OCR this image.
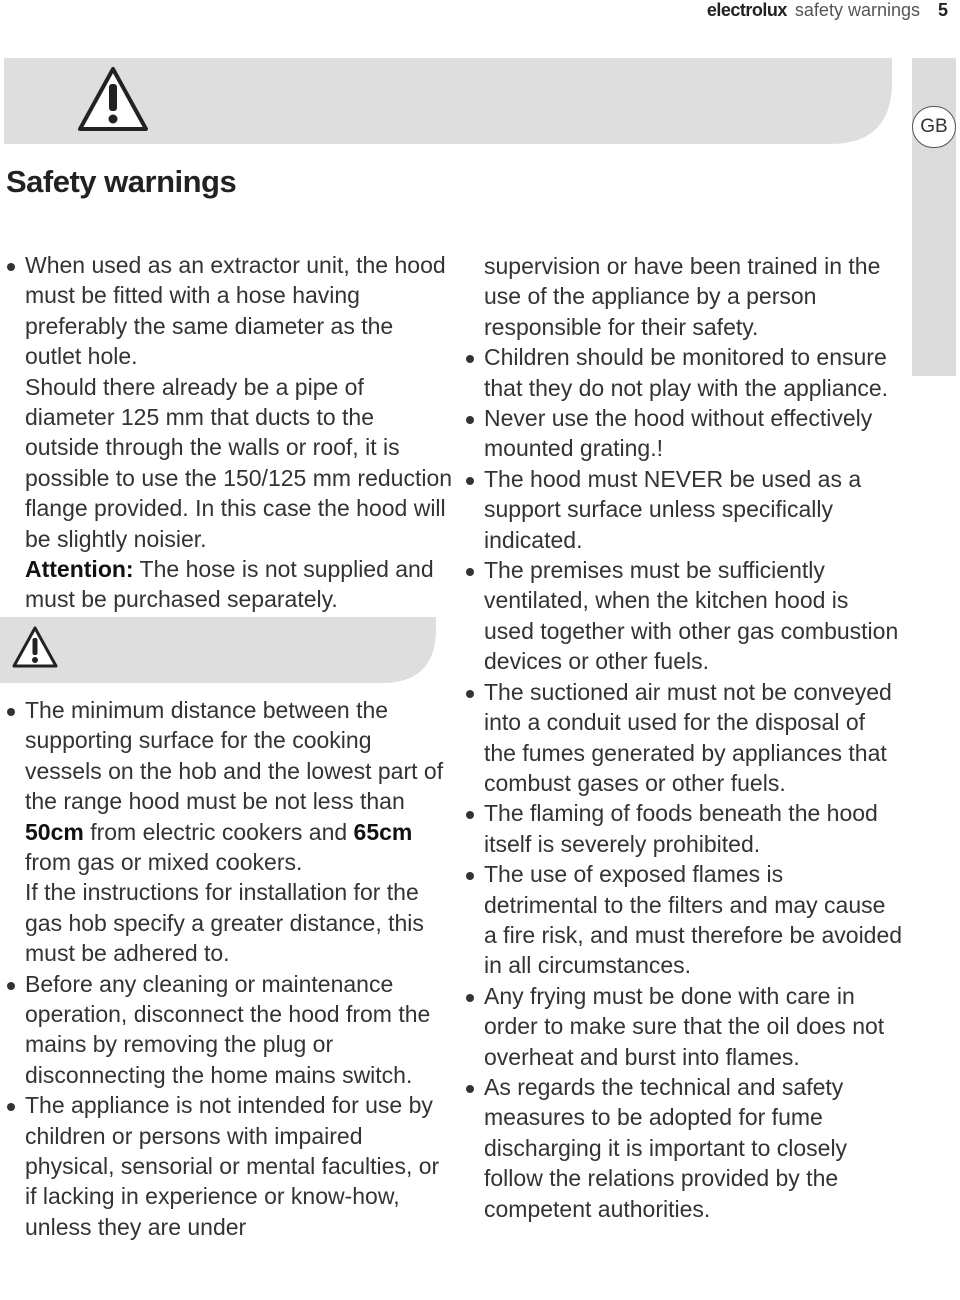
electrolux safety warnings 5
GB
Safety warnings
When used as an extractor unit, the hood must be fitted with a hose having preferably the same diameter as the outlet hole.
Should there already be a pipe of diameter 125 mm that ducts to the outside through the walls or roof, it is possible to use the 150/125 mm reduction flange provided. In this case the hood will be slightly noisier.
Attention: The hose is not supplied and must be purchased separately.
The minimum distance between the supporting surface for the cooking vessels on the hob and the lowest part of the range hood must be not less than 50cm from electric cookers and 65cm from gas or mixed cookers.
If the instructions for installation for the gas hob specify a greater distance, this must be adhered to.
Before any cleaning or maintenance operation, disconnect the hood from the mains by removing the plug or disconnecting the home mains switch.
The appliance is not intended for use by children or persons with impaired physical, sensorial or mental faculties, or if lacking in experience or know-how, unless they are under

supervision or have been trained in the use of the appliance by a person responsible for their safety.

Children should be monitored to ensure that they do not play with the appliance.
Never use the hood without effectively mounted grating.!
The hood must NEVER be used as a support surface unless specifically indicated.
The premises must be sufficiently ventilated, when the kitchen hood is used together with other gas combustion devices or other fuels.
The suctioned air must not be conveyed into a conduit used for the disposal of the fumes generated by appliances that combust gases or other fuels.
The flaming of foods beneath the hood itself is severely prohibited.
The use of exposed flames is detrimental to the filters and may cause a fire risk, and must therefore be avoided in all circumstances.
Any frying must be done with care in order to make sure that the oil does not overheat and burst into flames.
As regards the technical and safety measures to be adopted for fume discharging it is important to closely follow the relations provided by the competent authorities.
